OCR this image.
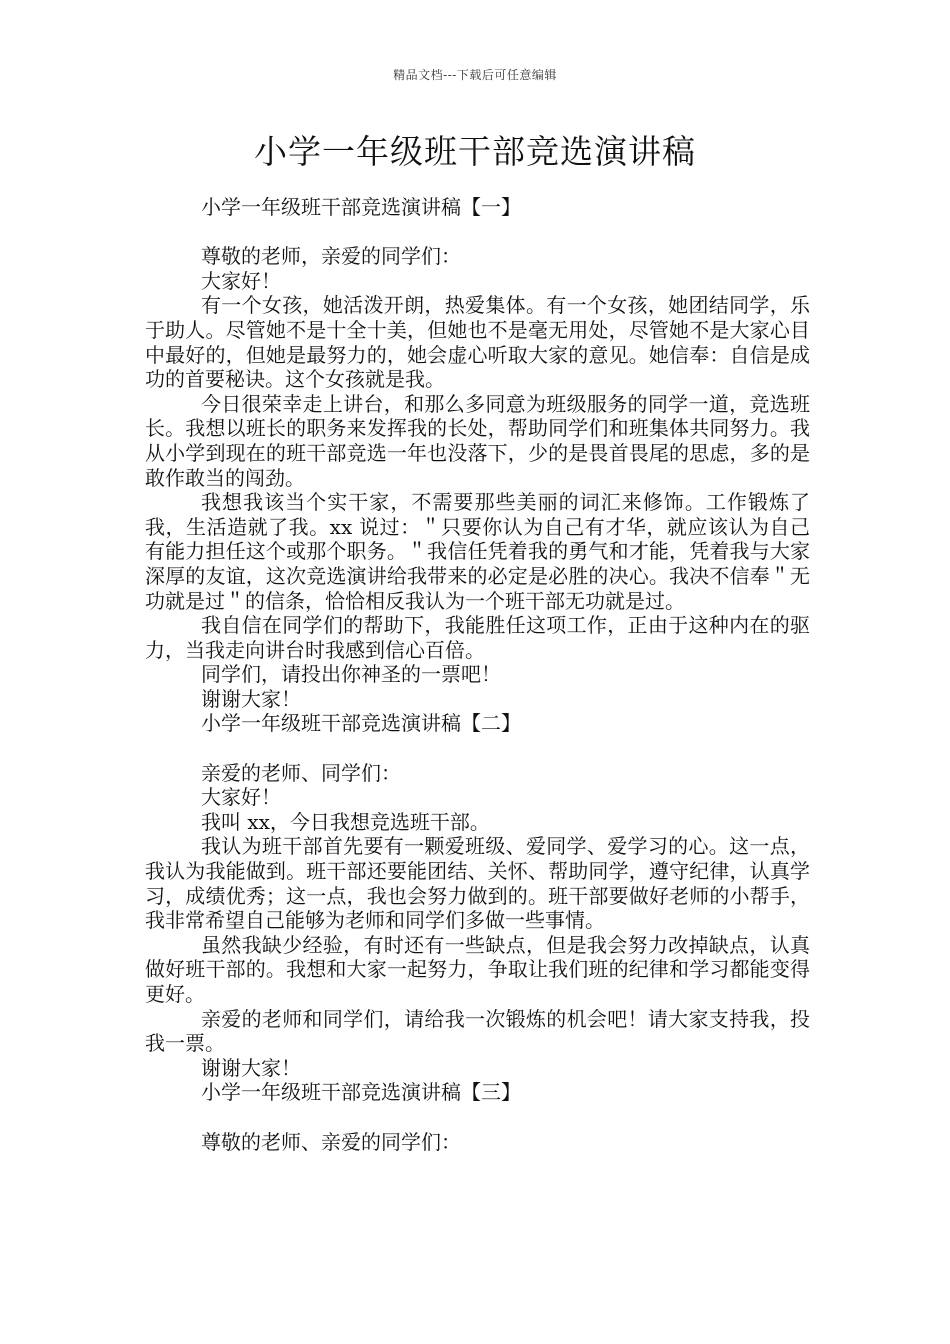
精品文档---下载后可任意编辑
小学一年级班干部竞选演讲稿

小学一年级班干部竞选演讲稿【一】

尊敬的老师，亲爱的同学们：

大家好！

有一个女孩，她活泼开朗，热爱集体。有一个女孩，她团结同学，乐于助人。尽管她不是十全十美，但她也不是毫无用处，尽管她不是大家心目中最好的，但她是最努力的，她会虚心听取大家的意见。她信奉：自信是成功的首要秘诀。这个女孩就是我。

今日很荣幸走上讲台，和那么多同意为班级服务的同学一道，竞选班长。我想以班长的职务来发挥我的长处，帮助同学们和班集体共同努力。我从小学到现在的班干部竞选一年也没落下，少的是畏首畏尾的思虑，多的是敢作敢当的闯劲。

我想我该当个实干家，不需要那些美丽的词汇来修饰。工作锻炼了我，生活造就了我。xx 说过：＂只要你认为自己有才华，就应该认为自己有能力担任这个或那个职务。＂我信任凭着我的勇气和才能，凭着我与大家深厚的友谊，这次竞选演讲给我带来的必定是必胜的决心。我决不信奉＂无功就是过＂的信条，恰恰相反我认为一个班干部无功就是过。

我自信在同学们的帮助下，我能胜任这项工作，正由于这种内在的驱力，当我走向讲台时我感到信心百倍。

同学们，请投出你神圣的一票吧！

谢谢大家！

小学一年级班干部竞选演讲稿【二】

亲爱的老师、同学们：

大家好！

我叫 xx，今日我想竞选班干部。

我认为班干部首先要有一颗爱班级、爱同学、爱学习的心。这一点，我认为我能做到。班干部还要能团结、关怀、帮助同学，遵守纪律，认真学习，成绩优秀；这一点，我也会努力做到的。班干部要做好老师的小帮手，我非常希望自己能够为老师和同学们多做一些事情。

虽然我缺少经验，有时还有一些缺点，但是我会努力改掉缺点，认真做好班干部的。我想和大家一起努力，争取让我们班的纪律和学习都能变得更好。

亲爱的老师和同学们，请给我一次锻炼的机会吧！请大家支持我，投我一票。

谢谢大家！

小学一年级班干部竞选演讲稿【三】

尊敬的老师、亲爱的同学们：
